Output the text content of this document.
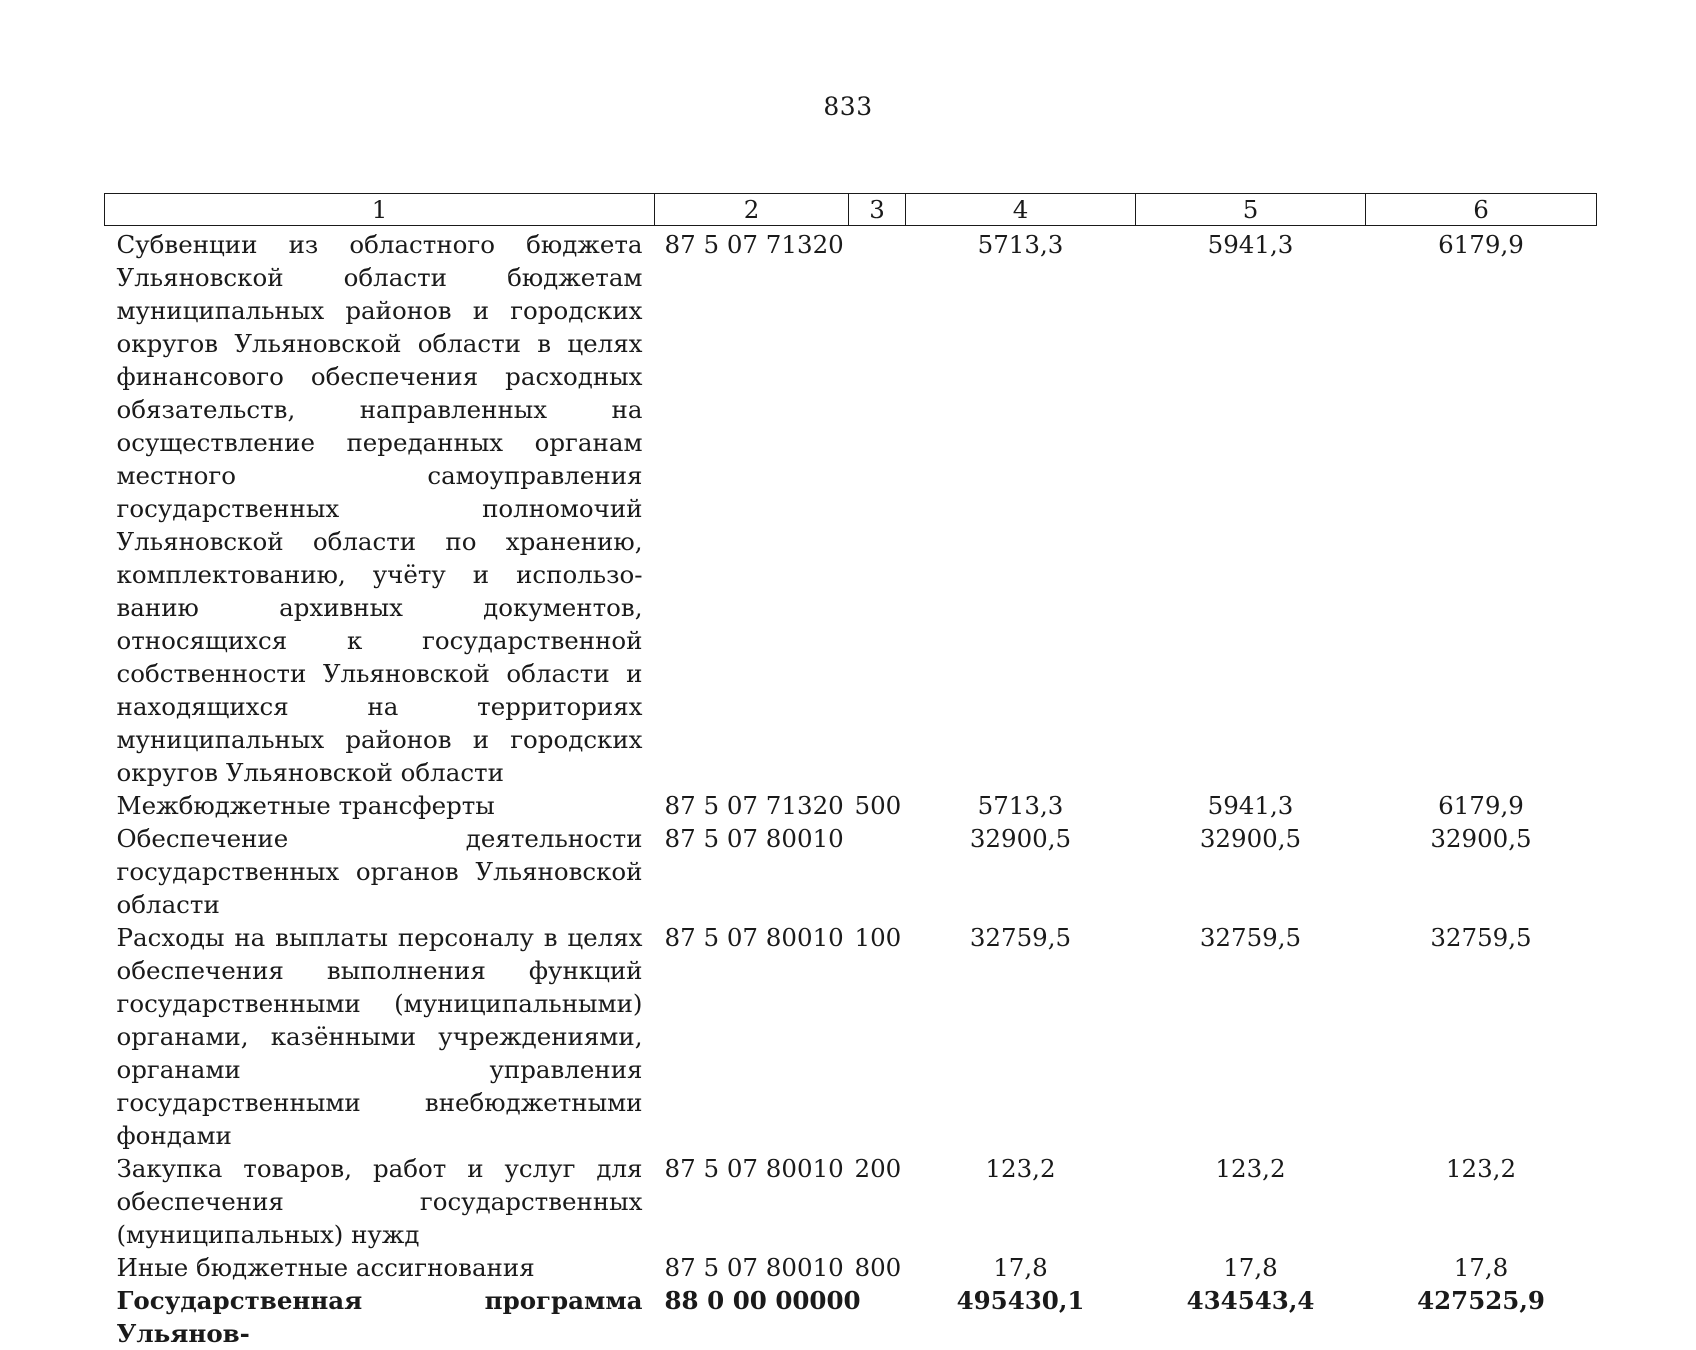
833
1	2	3	4	5	6
Субвенции из областного бюджета Ульяновской области бюджетам муниципальных районов и городских округов Ульяновской области в целях финансового обеспечения расходных обязательств, направленных на осуществление переданных органам местного самоуправления государственных полномочий Ульяновской области по хранению, комплектованию, учёту и использованию архивных документов, относящихся к государственной собственности Ульяновской области и находящихся на территориях муниципальных районов и городских округов Ульяновской области	87 5 07 71320		5713,3	5941,3	6179,9
Межбюджетные трансферты	87 5 07 71320	500	5713,3	5941,3	6179,9
Обеспечение деятельности государственных органов Ульяновской области	87 5 07 80010		32900,5	32900,5	32900,5
Расходы на выплаты персоналу в целях обеспечения выполнения функций государственными (муниципальными) органами, казёнными учреждениями, органами управления государственными внебюджетными фондами	87 5 07 80010	100	32759,5	32759,5	32759,5
Закупка товаров, работ и услуг для обеспечения государственных (муниципальных) нужд	87 5 07 80010	200	123,2	123,2	123,2
Иные бюджетные ассигнования	87 5 07 80010	800	17,8	17,8	17,8
Государственная программа Ульянов-	88 0 00 00000		495430,1	434543,4	427525,9
